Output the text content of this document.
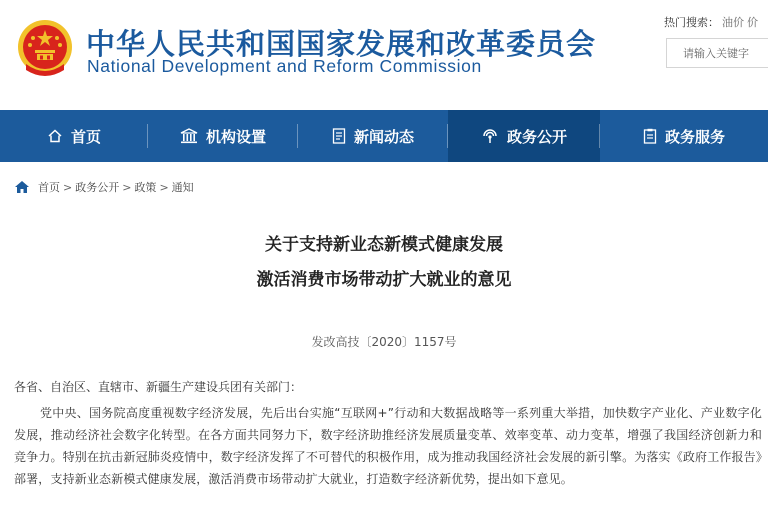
中华人民共和国国家发展和改革委员会
National Development and Reform Commission
热门搜索： 油价 价
请输入关键字
首页	机构设置	新闻动态	政务公开	政务服务
首页 > 政务公开 > 政策 > 通知
关于支持新业态新模式健康发展
激活消费市场带动扩大就业的意见
发改高技〔2020〕1157号
各省、自治区、直辖市、新疆生产建设兵团有关部门：

党中央、国务院高度重视数字经济发展，先后出台实施“互联网+”行动和大数据战略等一系列重大举措，加快数字产业化、产业数字化发展，推动经济社会数字化转型。在各方面共同努力下，数字经济助推经济发展质量变革、效率变革、动力变革，增强了我国经济创新力和竞争力。特别在抗击新冠肺炎疫情中，数字经济发挥了不可替代的积极作用，成为推动我国经济社会发展的新引擎。为落实《政府工作报告》部署，支持新业态新模式健康发展，激活消费市场带动扩大就业，打造数字经济新优势，提出如下意见。
